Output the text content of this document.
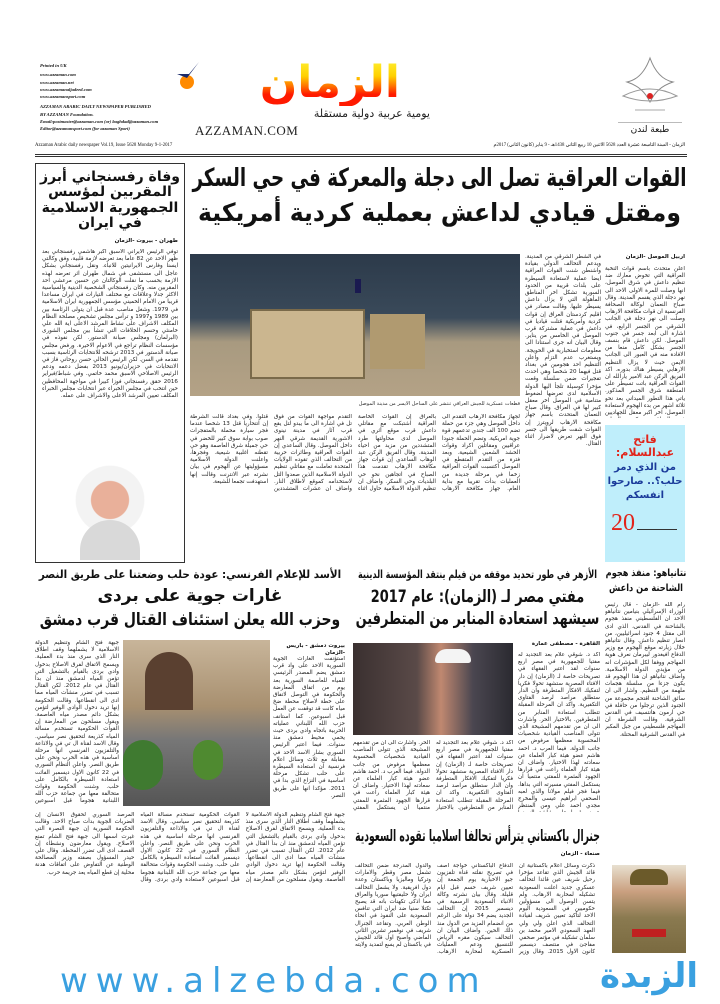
Printed in UK
www.azzaman.com
www.azzaman.net
www.azzamanaljadeed.com
www.azzamansport.com
AZZAMAN ARABIC DAILY NEWSPAPER PUBLISHED
BY AZZAMAN Foundation.
Email:postmaster@azzaman.com (or) baghdad@azzaman.com
Editor@azzamansport.com (for azzaman Sport)
الزمان
يومية عربية دولية مستقلة
AZZAMAN.COM	طبعة لندن
Azzaman Arabic daily newspaper Vol.19, Issue 5628 Monday 9-1-2017	الزمان - السنة التاسعة عشرة العدد 5628 الاثنين 10 ربيع الثاني 1438هـ - 9 يناير (كانون الثاني) 2017م
وفاة رفسنجاني أبرز المقربين لمؤسس الجمهورية الاسلامية في ايران
طهران - بيروت -الزمان
توفي الرئيس الايراني الاسبق اكبر هاشمي رفسنجاني بعد ظهر الاحد عن 82 عاما بعد تعرضه لازمة قلبية، وفق وكالتي ايسنا وفارس الايرانيتين للانباء. ونقل رفسنجاني بشكل عاجل الى مستشفى في شمال طهران اثر تعرضه لهذه الازمة بحسب ما نقلت الوكالتان عن حسين مرعشي احد المقربين منه. وكان رفسنجاني الشخصية الدينية والسياسية الاكثر جدلا وعلاقات مع مختلف التيارات في ايران مساعدا قريبا من الامام الخميني مؤسس الجمهورية ايران الاسلامية في 1979. وشغل مناصب عدة قبل ان يتولى الرئاسة بين بين 1989 و1997 و ترأس مجلس تشخيص مصلحة النظام المكلف الاشراف على نشاط المرشد الاعلى اية الله علي خامنئي وحسم الخلافات التي تنشأ بين مجلس الشورى (البرلمان) ومجلس صيانة الدستور. لكن نفوذه في مؤسسات النظام تراجع في الاعوام الاخيرة. ورفض مجلس صيانة الدستور في 2013 ترشحه للانتخابات الرئاسية بسبب تقدمه في السن. لكن الرئيس الحالي حسن روحاني فاز في الانتخابات في حزيران/يونيو 2013 بفضل دعمه ودعم الرئيس الاصلاحي الاسبق محمد خاتمي. وفي شباط/فبراير 2016 حقق رفسنجاني فوزا كبيرا في مواجهة المحافظين حين انتخب في مجلس الخبراء عبر انتخابات مجلس الخبراء المكلف تعيين المرشد الاعلى والاشراف على عمله.
القوات العراقية تصل الى دجلة والمعركة في حي السكر
ومقتل قيادي لداعش بعملية كردية أمريكية
قطعات عسكرية للجيش العراقي تنتشر على الساحل الايسر من مدينة الموصل
لجهاز مكافحة الارهاب التقدم الى داخل الموصل وهي جزء من حملة تضم 100 الف جندي تدعمهم قوة جوية امريكية. وتضم الحملة جنودا عراقيين ومقاتلين اكراد وقوات الحشد الشعبي الشيعية. وبعد فترة من التقدم المتقطع في الموصل اكتسبت القوات العراقية زخما في مرحلة جديدة من العمليات بدأت تقريبا مع بداية العام. جهاز مكافحة الارهاب بالعراق إن القوات الخاصة العراقية اشتبكت مع مقاتلي داعش قرب موقع أثري في الموصل لدى محاولتها طرد المتشددين من مزيد من احياء المدينة. وقال الفريق الركن عبد الوهاب الساعدي إن قوات جهاز مكافحة الارهاب تقدمت هذا الصباح في اتجاهين نحو حي البلديات وحي السكر. واضاف ان تنظيم الدولة الاسلامية حاول اثناء التقدم مواجهة القوات من فوق تل في اشارة الى ما يبدو لتل يقع قرب آثار في مدينة نينوى الاشورية القديمة شرقي النهر داخل الموصل. وقال الساعدي إن القوات العراقية وطائرات حربية من التحالف الذي تقوده الولايات المتحدة تعاملت مع مقاتلي تنظيم الدولة الاسلامية الذين صعدوا التل لاستخدامه كموقع لاطلاق النار. واضاف ان عشرات المتشددين قتلوا. وفي بغداد قالت الشرطة إن انتحاريا قتل 13 شخصا عندما فجر سيارة محملة بالمتفجرات صوب بوابة سوق كبير للخضر في حي جميلة شرق العاصمة وهو حي تقطنه اغلبية شيعية. وفجرها، واعلنت الدولة الاسلامية مسؤوليتها عن الهجوم في بيان نشرته عبر الانترنت وقالت إنها استهدفت تجمعا للشيعة.
اربيل الموصل -الزمان
اعلن متحدث باسم قوات النخبة العراقية التي تخوض معارك ضد تنظيم داعش في شرق الموصل، انها وصلت للمرة الاولى الاحد الى نهر دجلة الذي يقسم المدينة. وقال صباح النعمان لوكالة الصحافة الفرنسية ان قوات مكافحة الارهاب وصلت الى نهر دجلة في الجانب الشرقي من الجسر الرابع، في اشارة الى ابعد جسر في جنوب الموصل. لكن داعش قام بنسف الجسر بشكل كامل منعا من الافادة منه في العبور الى الجانب الايمن حيث لا يزال التنظيم الارهابي يسيطر هناك بدوره. اكد الفريق الركن عبد الامير يارالله ان القوات العراقية باتت تسيطر على المنطقة شرق الجسر المذكور. ياتي هذا التطور الميداني بعد نحو ثلاثة اشهر من بدء الهجوم لاستعادة الموصل، اخر اكبر معقل للجهاديين
في الشطر الشرقي من المدينة. ويدعم التحالف الدولي بقيادة واشنطن شنت القوات العراقية ايضا عملية لاستعادة السيطرة على بلدات قريبة من الحدود السورية تشكل اخر المناطق المأهولة التي لا يزال داعش يسيطر عليها. وقالت مصادر في اقليم كردستان العراق إن قوات كردية وامريكية قتلت قياديا في داعش في عملية مشتركة قرب الموصل في الخامس من يناير. وقال البيان انه جرى استنادا الى معلومات استخبارية في الحويجة. ويستغرب عدم التزام واعلن التنظيم احد هجومين في بغداد قتل فيهما 20 شخصا وهي احدث تفجيرات ضمن سلسلة وقعت مؤخرا كوسيلة تلجأ اليها الدولة الاسلامية لدى تعرضها لضغوط متنامية في الموصل اخر معقل كبير لها في العراق. وقال صباح النعمان المتحدث باسم جهاز مكافحة الارهاب لرويترز إن القوات شقت طريقها الى جسر فوق النهر تعرض لاضرار اثناء القتال.	فاتح عبدالسلام:
من الذي دمر حلب؟.. صارحوا انفسكم
20
نتانياهو: منفذ هجوم الشاحنة من داعش
رام الله -الزمان - قال رئيس الوزراء الإسرائيلي بنيامين نتانياهو الاحد ان الفلسطيني منفذ هجوم بالشاحنة في القدس، الذي ادى الى مقتل 4 جنود اسرائيليين، من انصار تنظيم داعش. وقال نتانياهو خلال زيارته موقع الهجوم مع وزير الدفاع افيغدور ليبرمان نعرف هوية المهاجم ووفقا لكل المؤشرات انه من مؤيدي الدولة الاسلامية. واضاف نتانياهو ان هذا الهجوم قد يكون جزءا من سلسلة هجمات ملهمة من التنظيم. واشار الى ان سائق الشاحنة اقتحم مجموعة من الجنود الذين ترجلوا من حافلة في حي ارمون هانتسيف في القدس الشرقية. وقالت الشرطة ان المهاجم فلسطيني من جبل المكبر في القدس الشرقية المحتلة.
الأزهر في طور تحديد موقفه من فيلم ينتقد المؤسسة الدينية
مفتي مصر لـ (الزمان): عام 2017 سيشهد استعادة المنابر من المتطرفين
القاهرة - مصطفى عمارة
اكد د. شوقي علام بعد التجديد له مفتيا للجمهورية في مصر اربع سنوات لقد اعتبر الفقهاء في تصريحات خاصة لـ (الزمان) إن دار الافتاء المصرية ستشهد تحولا فكريا لتفكيك الافكار المتطرفة وان الدار ستطلق مراصد لرصد الفتاوى التكفيرية. واكد ان المرحلة المقبلة تتطلب استعادة المنابر من المتطرفين. بالاختيار الحر. واشارت الى ان من تقدمهم المشيخة الذي تتولى المناصب القيادية شخصيات المحسوبة معظمها مرفوض من جانب الدولة. فيما العرب د. احمد هاشم عضو هيئة كبار العلماء عن سعادته لهذا الاختيار. واضاف ان هيئة كبار العلماء راعت في قرارها الجهود المثمرة للمفتي منتميا ان يستكمل المفتي مسيرته التي بداها. فيما فجر فيلم مولانا والذي لعبه الصحفي ابراهيم عيسى والمخرج مجدي احمد علي ومن المنتظر
اكد د. شوقي علام بعد التجديد له مفتيا للجمهورية في مصر اربع سنوات لقد اعتبر الفقهاء في تصريحات خاصة لـ (الزمان) إن دار الافتاء المصرية ستشهد تحولا فكريا لتفكيك الافكار المتطرفة وان الدار ستطلق مراصد لرصد الفتاوى التكفيرية. واكد ان المرحلة المقبلة تتطلب استعادة المنابر من المتطرفين. بالاختيار الحر. واشارت الى ان من تقدمهم المشيخة الذي تتولى المناصب القيادية شخصيات المحسوبة معظمها مرفوض من جانب الدولة. فيما العرب د. احمد هاشم عضو هيئة كبار العلماء عن سعادته لهذا الاختيار. واضاف ان هيئة كبار العلماء راعت في قرارها الجهود المثمرة للمفتي منتميا ان يستكمل المفتي
الأسد للإعلام الفرنسي: عودة حلب وضعتنا على طريق النصر
غارات جوية على بردى
وحزب الله يعلن استئناف القتال قرب دمشق
بيروت دمشق - باريس -الزمان
استؤنفت الغارات الجوية السورية الاحد على واد قرب دمشق يضم المصدر الرئيسي للمياه للعاصمة السورية بعد يوم من اتفاق المعارضة والحكومة في التوصل لاتفاق على خطة لاصلاح محطة ضخ مياه كانت قد توقفت عن العمل قبل اسبوعين. كما استانف حزب الله اللبناني عملياته الحربية باتجاه وادي بردى حيث يحمي محيط دمشق منذ سنوات. فيما اعتبر الرئيس السوري بشار الاسد الاحد في مقابلة مع ثلاث وسائل اعلام فرنسية ان استعادة السيطرة على حلب تشكل مرحلة اساسية في النزاع الذي بدا في 2011. مؤكدا انها على طريق النصر.
جبهة فتح الشام وتنظيم الدولة الاسلامية لا يشملهما وقف اطلاق النار الذي سرى منذ بدء العملية. ويسمح الاتفاق لفرق الاصلاح بدخول وادي بردى بالقيام بالتشغيل التي تؤمن المياه لدمشق منذ ان بدأ القتال في عام 2012. لكن القتال تسبب في تضرر منشآت المياه مما ادى الى انقطاعها. وقالت الحكومة إنها تريد دخول الوادي الوفير لتؤمن بشكل دائم مصدر مياه العاصمة. ويقول مسلحون من المعارضة إن القوات الحكومية تستخدم مسالة المياه كذريعة لتحقيق نصر سياسي. وقال الاسد لقناة ال تي في والاذاعة والتلفزيون الفرنسي انها مرحلة اساسية في هذه الحرب ونحن على طريق النصر. واعلن النظام السوري في 22 كانون الاول ديسمبر الفائت استعادة السيطرة بالكامل على حلب. وشنت الحكومة وقوات متحالفة معها من جماعة حزب الله اللبنانية هجوما قبل اسبوعين
جبهة فتح الشام وتنظيم الدولة الاسلامية لا يشملهما وقف اطلاق النار الذي سرى منذ بدء العملية. ويسمح الاتفاق لفرق الاصلاح بدخول وادي بردى بالقيام بالتشغيل التي تؤمن المياه لدمشق منذ ان بدأ القتال في عام 2012. لكن القتال تسبب في تضرر منشآت المياه مما ادى الى انقطاعها. وقالت الحكومة إنها تريد دخول الوادي الوفير لتؤمن بشكل دائم مصدر مياه العاصمة. ويقول مسلحون من المعارضة إن القوات الحكومية تستخدم مسالة المياه كذريعة لتحقيق نصر سياسي. وقال الاسد لقناة ال تي في والاذاعة والتلفزيون الفرنسي انها مرحلة اساسية في هذه الحرب ونحن على طريق النصر. واعلن النظام السوري في 22 كانون الاول ديسمبر الفائت استعادة السيطرة بالكامل على حلب. وشنت الحكومة وقوات متحالفة معها من جماعة حزب الله اللبنانية هجوما قبل اسبوعين لاستعادة وادي بردى. وقال المرصد السوري لحقوق الانسان إن الضربات الجوية بدأت صباح الاحد. وقالت الحكومة السورية إن جبهة النصرة التي غيرت اسمها الى جبهة فتح الشام تمنع الاصلاح. ويقول معارضون ونشطاء إن القصف ادى الى تضرر المحطة. وقال علي حيدر المسؤول بصفته وزير المصالحة الوطنية عن التفاوض على اتفاقات هدنة محلية إن قطع المياه يعد جريمة حرب.
جنرال باكستاني يترأس تحالفا اسلاميا تقوده السعودية
صنعاء - الزمان
ذكرت وسائل اعلام باكستانية ان قائد الجيش الذي تقاعد مؤخرا رحيل شريف عين قائدا لتحالف عسكري جديد اعلنت السعودية تشكيله لمحاربة الارهاب. ولم يتسن الوصول الى مسؤولين حكوميين في السعودية اليوم الاحد لتأكيد تعيين شريف لقيادة التحالف الذي اعلن ولي ولي العهد السعودي الامير محمد بن سلمان تشكيله في مؤتمر صحفي مفاجئ في منتصف ديسمبر كانون الاول 2015. وقال وزير الدفاع الباكستاني خواجة آصف في تصريح نقلته قناة تلفزيون جيو الاخبارية يوم الجمعة إن تعيين شريف حسم قبل ايام قليلة. وقال بيان نشرته وكالة الانباء السعودية الرسمية في ديسمبر 2015 إن التحالف الجديد يضم 34 دولة على الرغم من انضمام المزيد من الدول منذ ذلك الحين. واضاف البيان ان التحالف سيكون مقره الرياض للتنسيق ودعم العمليات العسكرية لمحاربة الارهاب. والدول المدرجة ضمن التحالف تشمل مصر وقطر والامارات وتركيا وماليزيا وباكستان وعدة دول افريقية. ولا يشمل التحالف ايران ولا حليفتيها سوريا والعراق مما اذكى تكهنات بانه قد يصبح تكتلا سنيا ضد ايران التي تنافس السعودية على النفوذ في انحاء الوطن العربي. وتقاعد الجنرال شريف في نوفمبر تشرين الثاني الماضي واصبح اول قائد للجيش في باكستان لم يسع لتمديد ولايته
www.alzebda.com	الزبدة
